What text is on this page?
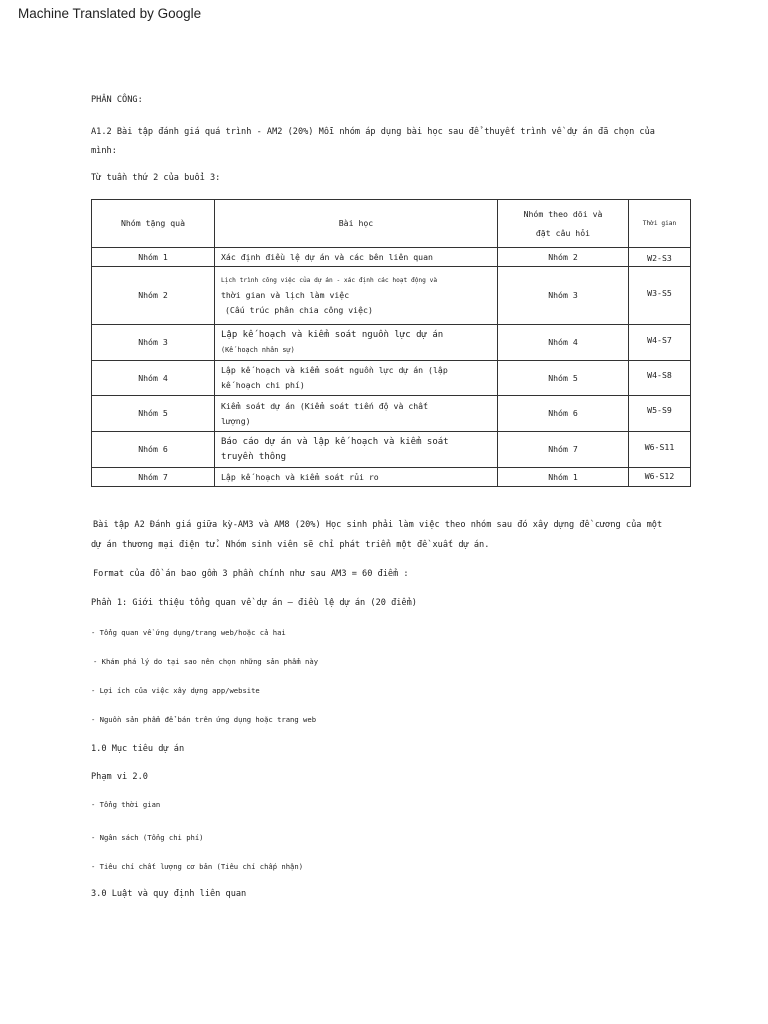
Machine Translated by Google
PHÂN CÔNG:
A1.2 Bài tập đánh giá quá trình - AM2 (20%) Mỗi nhóm áp dụng bài học sau để thuyết trình về dự án đã chọn của
mình:
Từ tuần thứ 2 của buổi 3:
Nhóm tặng quà	Bài học	Nhóm theo dõi và
đặt câu hỏi	Thời gian
Nhóm 1	Xác định điều lệ dự án và các bên liên quan	Nhóm 2	W2-S3
Nhóm 2	Lịch trình công việc của dự án - xác định các hoạt động và
thời gian và lịch làm việc
(Cấu trúc phân chia công việc)	Nhóm 3	W3-S5
Nhóm 3	Lập kế hoạch và kiểm soát nguồn lực dự án
(Kế hoạch nhân sự)	Nhóm 4	W4-S7
Nhóm 4	Lập kế hoạch và kiểm soát nguồn lực dự án (lập
kế hoạch chi phí)	Nhóm 5	W4-S8
Nhóm 5	Kiểm soát dự án (Kiểm soát tiến độ và chất
lượng)	Nhóm 6	W5-S9
Nhóm 6	Báo cáo dự án và lập kế hoạch và kiểm soát
truyền thông	Nhóm 7	W6-S11
Nhóm 7	Lập kế hoạch và kiểm soát rủi ro	Nhóm 1	W6-S12
Bài tập A2 Đánh giá giữa kỳ-AM3 và AM8 (20%) Học sinh phải làm việc theo nhóm sau đó xây dựng đề cương của một
dự án thương mại điện tử. Nhóm sinh viên sẽ chỉ phát triển một đề xuất dự án.
Format của đồ án bao gồm 3 phần chính như sau AM3 = 60 điểm :
Phần 1: Giới thiệu tổng quan về dự án – điều lệ dự án (20 điểm)
- Tổng quan về ứng dụng/trang web/hoặc cả hai
- Khám phá lý do tại sao nên chọn những sản phẩm này
- Lợi ích của việc xây dựng app/website
- Nguồn sản phẩm để bán trên ứng dụng hoặc trang web
1.0 Mục tiêu dự án
Phạm vi 2.0
- Tổng thời gian
- Ngân sách (Tổng chi phí)
- Tiêu chí chất lượng cơ bản (Tiêu chí chấp nhận)
3.0 Luật và quy định liên quan
